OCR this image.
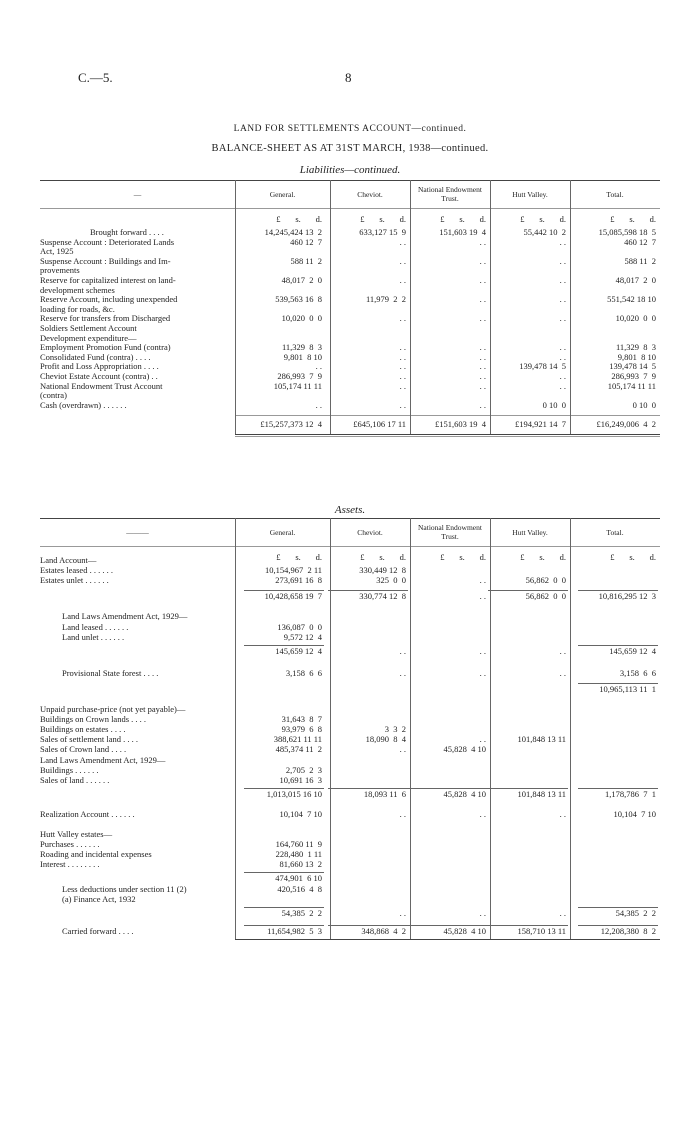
C.—5.	8
LAND FOR SETTLEMENTS ACCOUNT—continued.
BALANCE-SHEET AS AT 31ST MARCH, 1938—continued.
Liabilities—continued.
Assets.
—	General.	Cheviot.	National Endowment Trust.	Hutt Valley.	Total.
£       s.       d.	£       s.       d.	£       s.       d.	£       s.       d.	£       s.       d.
Brought forward . . . .	14,245,424 13  2	633,127 15  9	151,603 19  4	55,442 10  2	15,085,598 18  5
Suspense Account : Deteriorated Lands	460 12  7	. .	. .	. .	460 12  7
Act, 1925
Suspense Account : Buildings and Im-	588 11  2	. .	. .	. .	588 11  2
provements
Reserve for capitalized interest on land-	48,017  2  0	. .	. .	. .	48,017  2  0
development schemes
Reserve Account, including unexpended	539,563 16  8	11,979  2  2	. .	. .	551,542 18 10
loading for roads, &c.
Reserve for transfers from Discharged	10,020  0  0	. .	. .	. .	10,020  0  0
Soldiers Settlement Account
Development expenditure—
Employment Promotion Fund (contra)	11,329  8  3	. .	. .	. .	11,329  8  3
Consolidated Fund (contra) . . . .	9,801  8 10	. .	. .	. .	9,801  8 10
Profit and Loss Appropriation . . . .	. .	. .	. .	139,478 14  5	139,478 14  5
Cheviot Estate Account (contra) . .	286,993  7  9	. .	. .	. .	286,993  7  9
National Endowment Trust Account	105,174 11 11	. .	. .	. .	105,174 11 11
(contra)
Cash (overdrawn) . . . . . .	. .	. .	. .	0 10  0	0 10  0
£15,257,373 12  4	£645,106 17 11	£151,603 19  4	£194,921 14  7	£16,249,006  4  2
———	General.	Cheviot.	National Endowment Trust.	Hutt Valley.	Total.
£       s.       d.	£       s.       d.	£       s.       d.	£       s.       d.	£       s.       d.
Land Account—
Estates leased . . . . . .	10,154,967  2 11	330,449 12  8
Estates unlet . . . . . .	273,691 16  8	325  0  0	. .	56,862  0  0
10,428,658 19  7	330,774 12  8	. .	56,862  0  0	10,816,295 12  3
Land Laws Amendment Act, 1929—
Land leased . . . . . .	136,087  0  0
Land unlet . . . . . .	9,572 12  4
145,659 12  4	. .	. .	. .	145,659 12  4
Provisional State forest . . . .	3,158  6  6	. .	. .	. .	3,158  6  6
10,965,113 11  1
Unpaid purchase-price (not yet payable)—
Buildings on Crown lands . . . .	31,643  8  7
Buildings on estates . . . .	93,979  6  8	3  3  2
Sales of settlement land . . . .	388,621 11 11	18,090  8  4	. .	101,848 13 11
Sales of Crown land . . . .	485,374 11  2	. .	45,828  4 10
Land Laws Amendment Act, 1929—
Buildings . . . . . .	2,705  2  3
Sales of land . . . . . .	10,691 16  3
1,013,015 16 10	18,093 11  6	45,828  4 10	101,848 13 11	1,178,786  7  1
Realization Account . . . . . .	10,104  7 10	. .	. .	. .	10,104  7 10
Hutt Valley estates—
Purchases . . . . . .	164,760 11  9
Roading and incidental expenses	228,480  1 11
Interest . . . . . . . .	81,660 13  2
474,901  6 10
Less deductions under section 11 (2)	420,516  4  8
(a) Finance Act, 1932
54,385  2  2	. .	. .	. .	54,385  2  2
Carried forward . . . .	11,654,982  5  3	348,868  4  2	45,828  4 10	158,710 13 11	12,208,380  8  2
